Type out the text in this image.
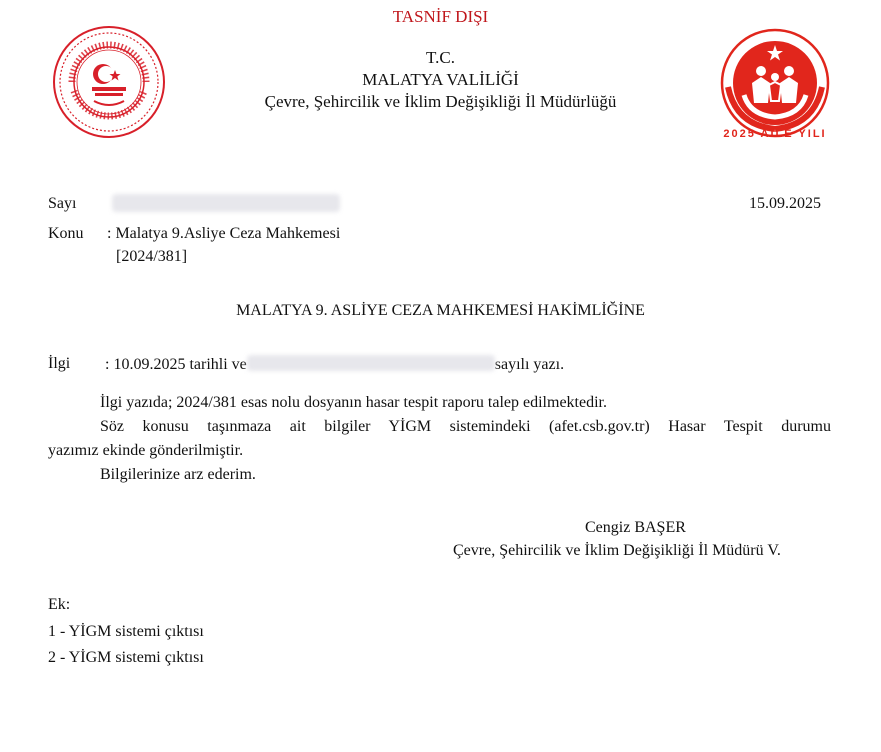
TASNİF DIŞI
2025 AİLE YILI
T.C.
MALATYA VALİLİĞİ
Çevre, Şehircilik ve İklim Değişikliği İl Müdürlüğü
Sayı	15.09.2025
Konu : Malatya 9.Asliye Ceza Mahkemesi
[2024/381]
MALATYA 9. ASLİYE CEZA MAHKEMESİ HAKİMLİĞİNE
İlgi : 10.09.2025 tarihli ve	sayılı yazı.
İlgi yazıda; 2024/381 esas nolu dosyanın hasar tespit raporu talep edilmektedir.
Söz konusu taşınmaza ait bilgiler YİGM sistemindeki (afet.csb.gov.tr) Hasar Tespit durumu
yazımız ekinde gönderilmiştir.
Bilgilerinize arz ederim.
Cengiz BAŞER
Çevre, Şehircilik ve İklim Değişikliği İl Müdürü V.
Ek:
1 - YİGM sistemi çıktısı
2 - YİGM sistemi çıktısı
